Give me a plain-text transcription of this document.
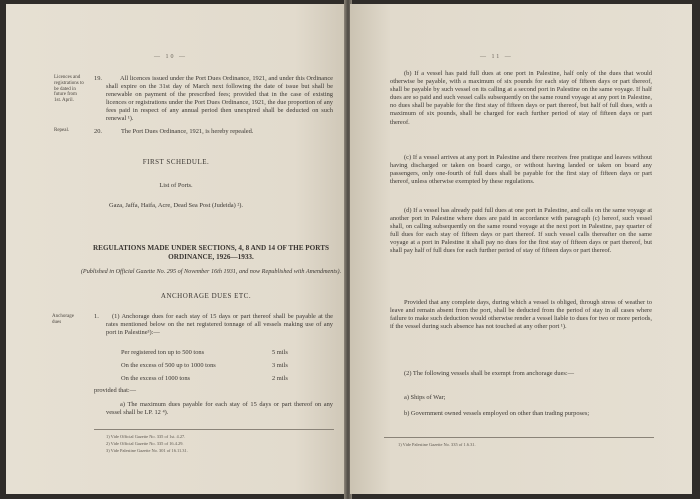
— 10 —
Licences and registrations to be dated in future from 1st. April.
19.	All licences issued under the Port Dues Ordinance, 1921, and under this Ordinance shall expire on the 31st day of March next following the date of issue but shall be renewable on payment of the prescribed fees; provided that in the case of existing licences or registrations under the Port Dues Ordinance, 1921, the due proportion of any fees paid in respect of any annual period then unexpired shall be deducted on such renewal ¹).

Repeal.	20.	The Port Dues Ordinance, 1921, is hereby repealed.

FIRST SCHEDULE.
List of Ports.
Gaza, Jaffa, Haifa, Acre, Dead Sea Post (Judeida) ²).
REGULATIONS MADE UNDER SECTIONS, 4, 8 AND 14 OF THE PORTS ORDINANCE, 1926—1933.
(Published in Official Gazette No. 295 of November 16th 1931, and now Republished with Amendments).
ANCHORAGE DUES ETC.
Anchorage dues
1.	(1) Anchorage dues for each stay of 15 days or part thereof shall be payable at the rates mentioned below on the net registered tonnage of all vessels making use of any port in Palestine³):—

Per registered ton up to 500 tons	5 mils
On the excess of 500 up to 1000 tons	3 mils
On the excess of 1000 tons	2 mils
provided that:—

a) The maximum dues payable for each stay of 15 days or part thereof on any vessel shall be LP. 12 ⁴).

1) Vide Official Gazette No. 335 of 1st. 4.27.
2) Vide Official Gazette No. 335 of 16.4.29.
3) Vide Palestine Gazette No. 301 of 16.11.31.
— 11 —

(b) If a vessel has paid full dues at one port in Palestine, half only of the dues that would otherwise be payable, with a maximum of six pounds for each stay of fifteen days or part thereof, shall be payable by such vessel on its calling at a second port in Palestine on the same voyage. If half dues are so paid and such vessel calls subsequently on the same round voyage at any port in Palestine, no dues shall be payable for the first stay of fifteen days or part thereof, but half of full dues, with a maximum of six pounds, shall be charged for each further period of stay of fifteen days or part thereof.

(c) If a vessel arrives at any port in Palestine and there receives free pratique and leaves without having discharged or taken on board cargo, or without having landed or taken on board any passengers, only one-fourth of full dues shall be payable for the first stay of fifteen days or part thereof, unless otherwise exempted by these regulations.

(d) If a vessel has already paid full dues at one port in Palestine, and calls on the same voyage at another port in Palestine where dues are paid in accordance with paragraph (c) hereof, such vessel shall, on calling subsequently on the same round voyage at the next port in Palestine, pay quarter of full dues for each stay of fifteen days or part thereof. If such vessel calls thereafter on the same voyage at a port in Palestine it shall pay no dues for the first stay of fifteen days or part thereof, but shall pay half of full dues for each further period of stay of fifteen days or part thereof.

Provided that any complete days, during which a vessel is obliged, through stress of weather to leave and remain absent from the port, shall be deducted from the period of stay in all cases where failure to make such deduction would otherwise render a vessel liable to dues for two or more periods, if the vessel during such absence has not touched at any other port ¹).

(2) The following vessels shall be exempt from anchorage dues:—

a) Ships of War;

b) Government owned vessels employed on other than trading purposes;

1) Vide Palestine Gazette No. 335 of 1.6.31.
